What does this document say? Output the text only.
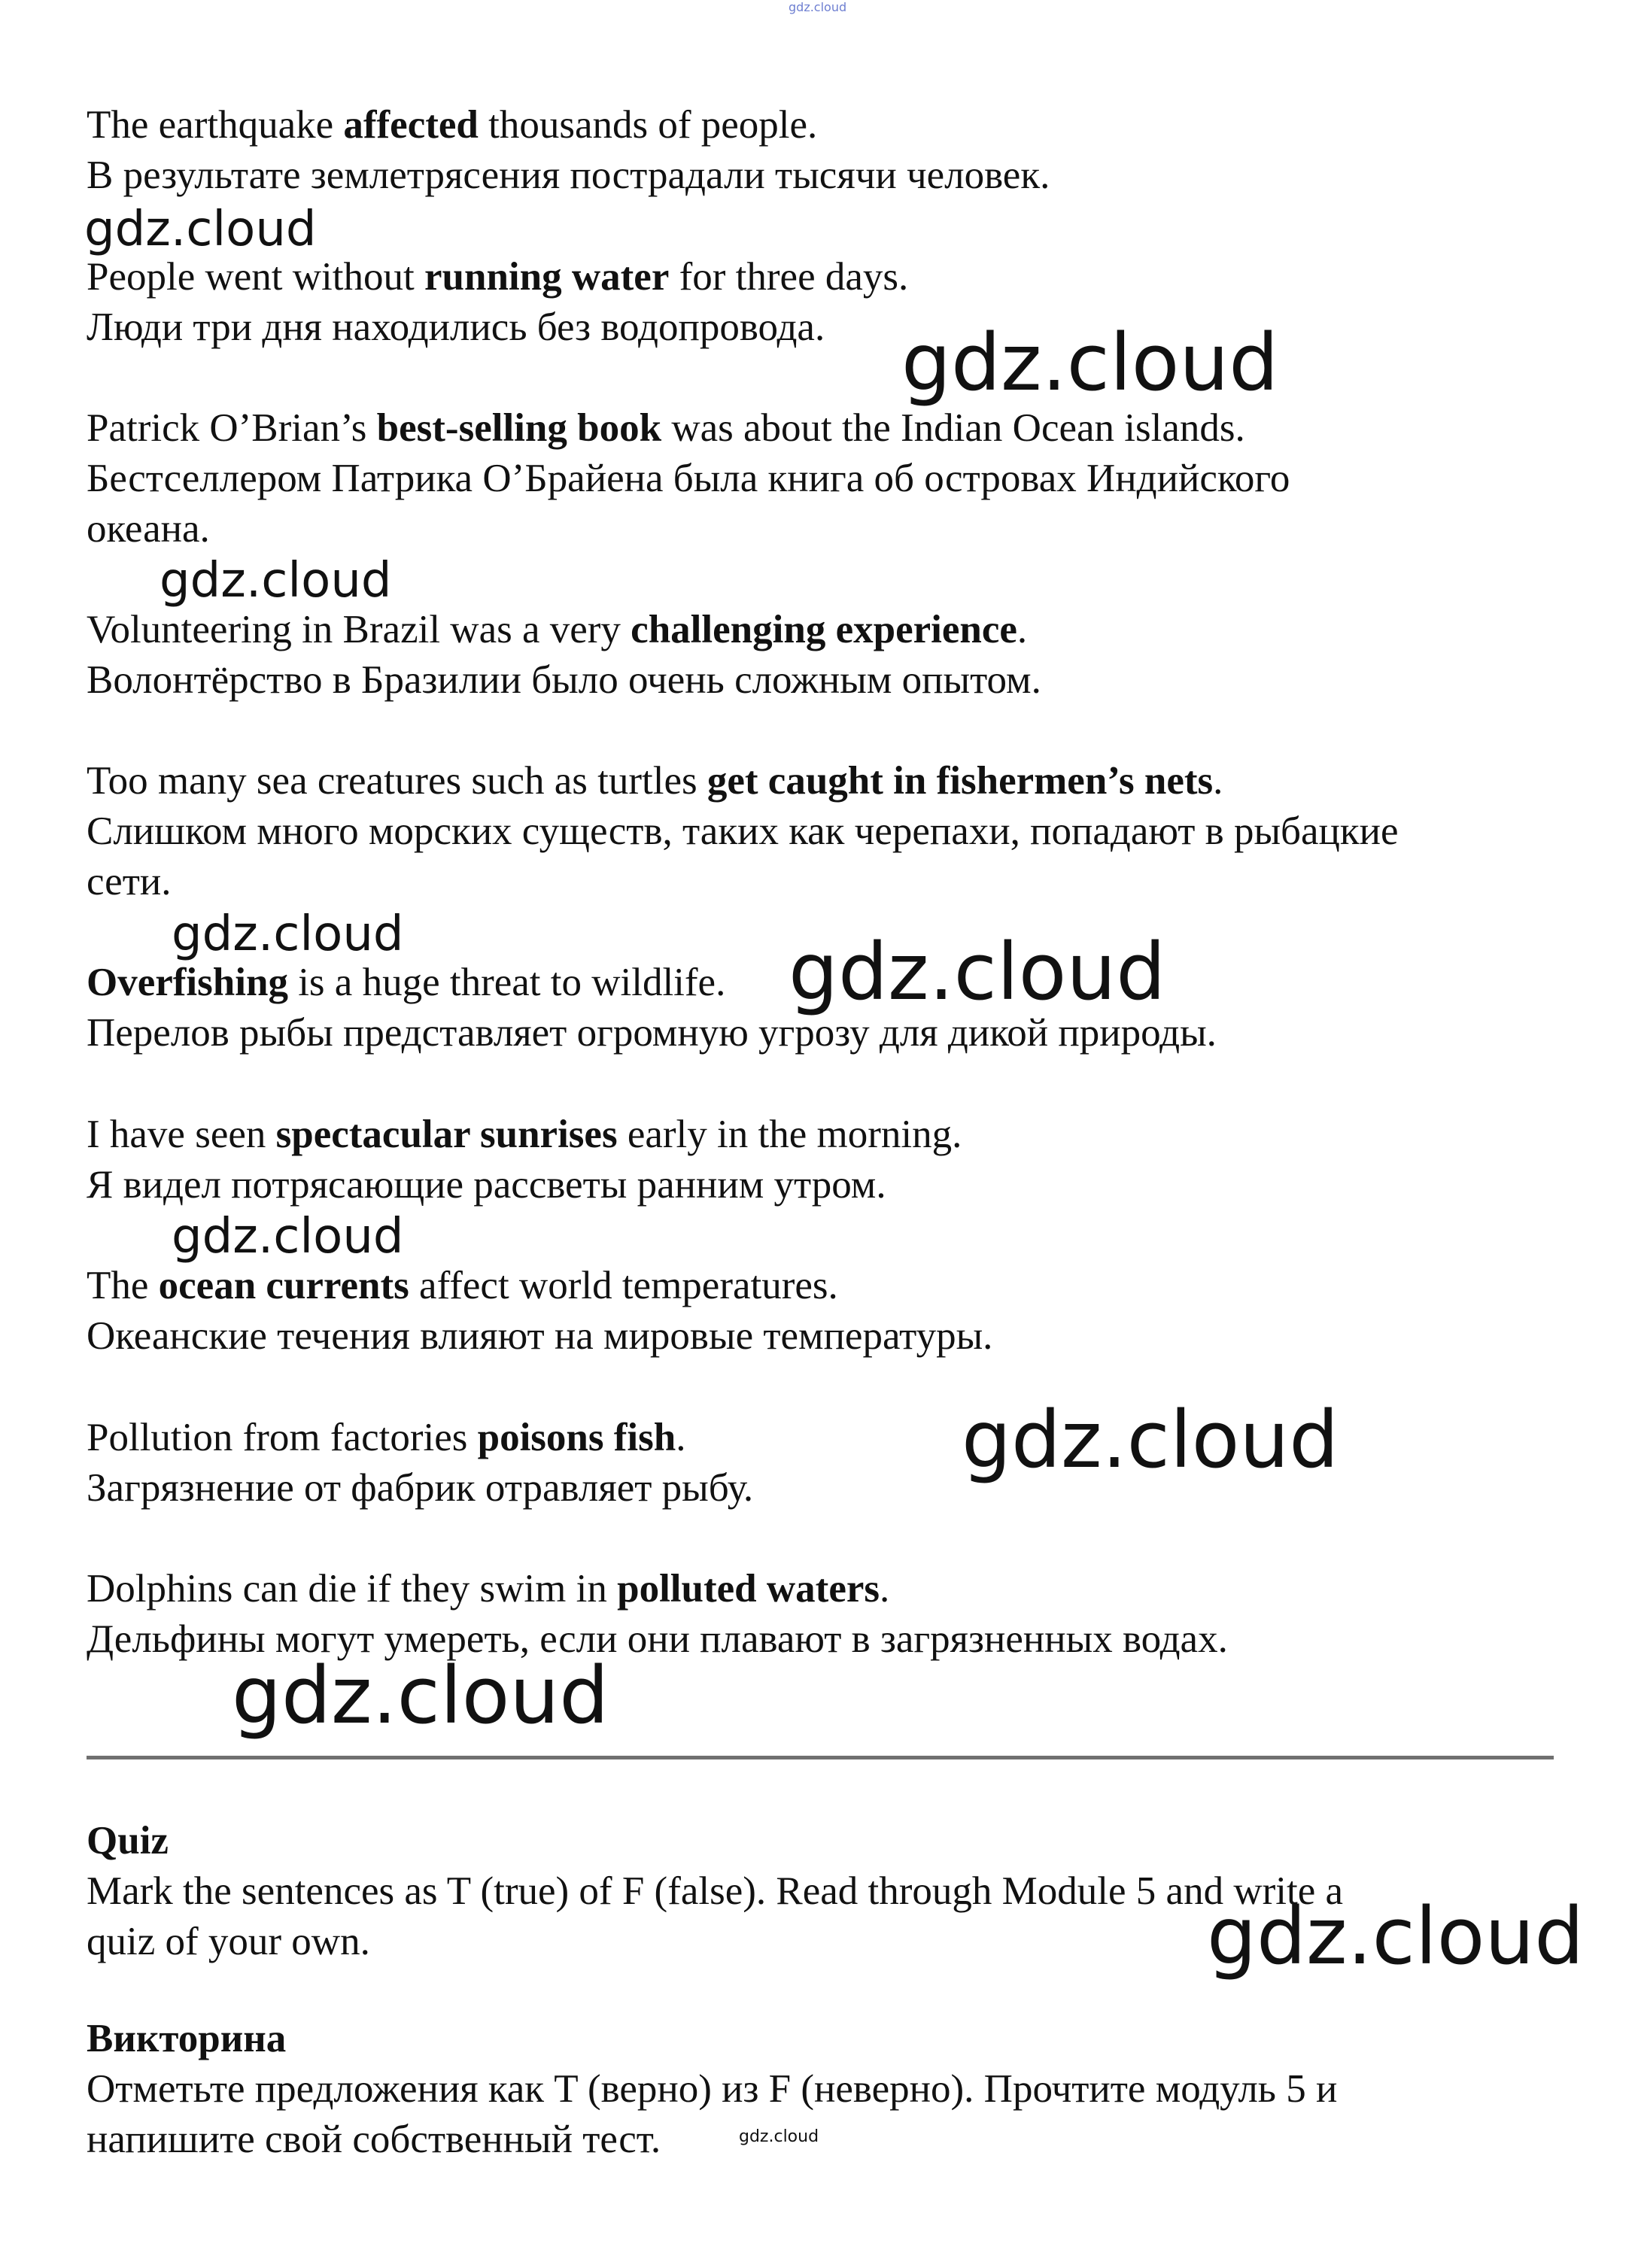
gdz.cloud

The earthquake affected thousands of people.

В результате землетрясения пострадали тысячи человек.

gdz.cloud

People went without running water for three days.

Люди три дня находились без водопровода. gdz.cloud

Patrick O’Brian’s best-selling book was about the Indian Ocean islands.

Бестселлером Патрика О’Брайена была книга об островах Индийского

океана.

gdz.cloud

Volunteering in Brazil was a very challenging experience.

Волонтёрство в Бразилии было очень сложным опытом.

Too many sea creatures such as turtles get caught in fishermen’s nets.

Слишком много морских существ, таких как черепахи, попадают в рыбацкие

сети.

gdz.cloud

Overfishing is a huge threat to wildlife. gdz.cloud

Перелов рыбы представляет огромную угрозу для дикой природы.

I have seen spectacular sunrises early in the morning.

Я видел потрясающие рассветы ранним утром.

gdz.cloud

The ocean currents affect world temperatures.

Океанские течения влияют на мировые температуры.

Pollution from factories poisons fish.	gdz.cloud

Загрязнение от фабрик отравляет рыбу.

Dolphins can die if they swim in polluted waters.

Дельфины могут умереть, если они плавают в загрязненных водах.

gdz.cloud

Quiz

Mark the sentences as T (true) of F (false). Read through Module 5 and write a

quiz of your own.	gdz.cloud

Викторина

Отметьте предложения как T (верно) из F (неверно). Прочтите модуль 5 и

напишите свой собственный тест.	gdz.cloud
